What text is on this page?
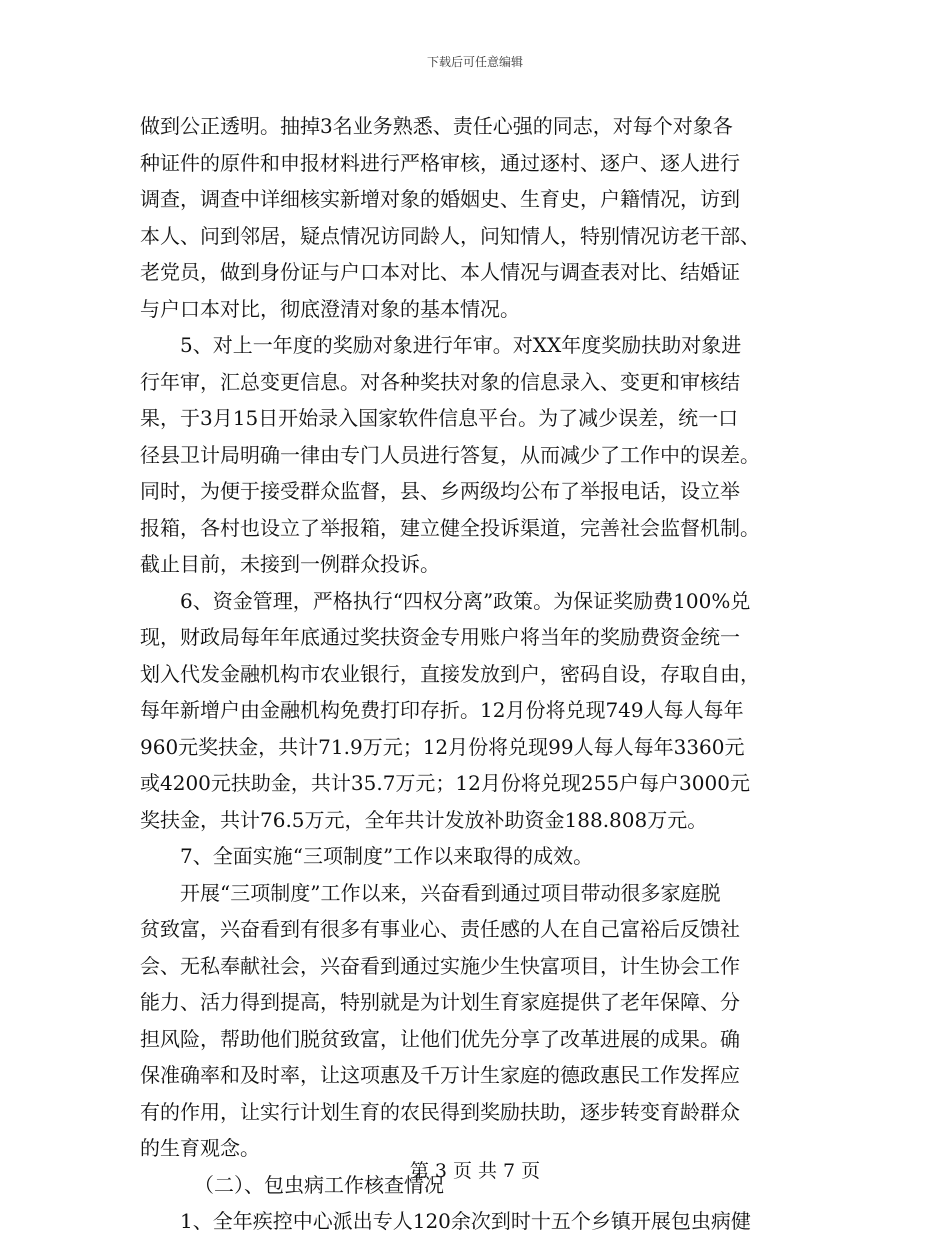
下载后可任意编辑
做到公正透明。抽掉3名业务熟悉、责任心强的同志，对每个对象各
种证件的原件和申报材料进行严格审核，通过逐村、逐户、逐人进行
调查，调查中详细核实新增对象的婚姻史、生育史，户籍情况，访到
本人、问到邻居，疑点情况访同龄人，问知情人，特别情况访老干部、
老党员，做到身份证与户口本对比、本人情况与调查表对比、结婚证
与户口本对比，彻底澄清对象的基本情况。
5、对上一年度的奖励对象进行年审。对XX年度奖励扶助对象进
行年审，汇总变更信息。对各种奖扶对象的信息录入、变更和审核结
果，于3月15日开始录入国家软件信息平台。为了减少误差，统一口
径县卫计局明确一律由专门人员进行答复，从而减少了工作中的误差。
同时，为便于接受群众监督，县、乡两级均公布了举报电话，设立举
报箱，各村也设立了举报箱，建立健全投诉渠道，完善社会监督机制。
截止目前，未接到一例群众投诉。
6、资金管理，严格执行“四权分离”政策。为保证奖励费100%兑
现，财政局每年年底通过奖扶资金专用账户将当年的奖励费资金统一
划入代发金融机构市农业银行，直接发放到户，密码自设，存取自由，
每年新增户由金融机构免费打印存折。12月份将兑现749人每人每年
960元奖扶金，共计71.9万元；12月份将兑现99人每人每年3360元
或4200元扶助金，共计35.7万元；12月份将兑现255户每户3000元
奖扶金，共计76.5万元，全年共计发放补助资金188.808万元。
7、全面实施“三项制度”工作以来取得的成效。
开展“三项制度”工作以来，兴奋看到通过项目带动很多家庭脱
贫致富，兴奋看到有很多有事业心、责任感的人在自己富裕后反馈社
会、无私奉献社会，兴奋看到通过实施少生快富项目，计生协会工作
能力、活力得到提高，特别就是为计划生育家庭提供了老年保障、分
担风险，帮助他们脱贫致富，让他们优先分享了改革进展的成果。确
保准确率和及时率，让这项惠及千万计生家庭的德政惠民工作发挥应
有的作用，让实行计划生育的农民得到奖励扶助，逐步转变育龄群众
的生育观念。
（二）、包虫病工作核查情况
1、全年疾控中心派出专人120余次到时十五个乡镇开展包虫病健
第 3 页 共 7 页
